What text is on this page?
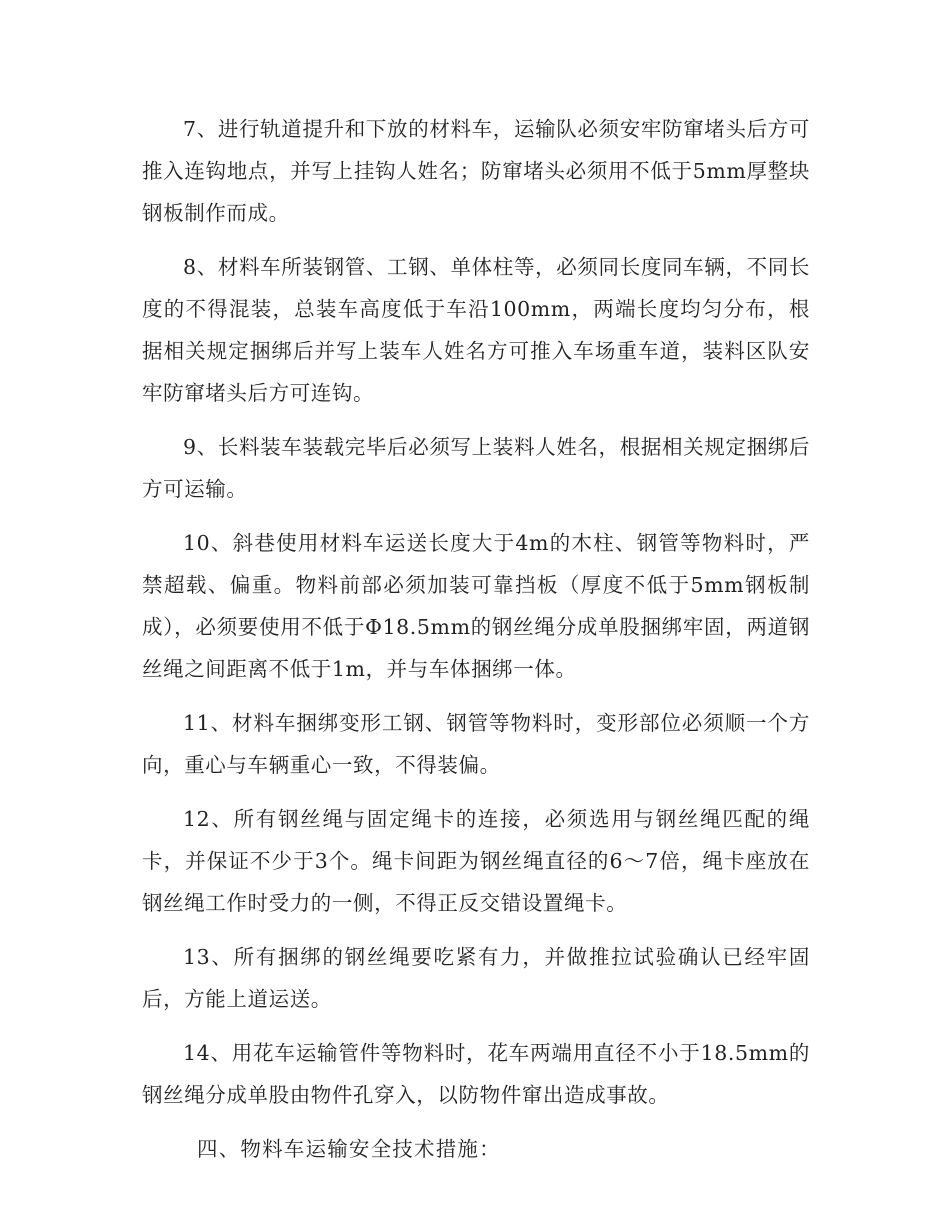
7、进行轨道提升和下放的材料车，运输队必须安牢防窜堵头后方可推入连钩地点，并写上挂钩人姓名；防窜堵头必须用不低于5mm厚整块钢板制作而成。

8、材料车所装钢管、工钢、单体柱等，必须同长度同车辆，不同长度的不得混装，总装车高度低于车沿100mm，两端长度均匀分布，根据相关规定捆绑后并写上装车人姓名方可推入车场重车道，装料区队安牢防窜堵头后方可连钩。

9、长料装车装载完毕后必须写上装料人姓名，根据相关规定捆绑后方可运输。

10、斜巷使用材料车运送长度大于4m的木柱、钢管等物料时，严禁超载、偏重。物料前部必须加装可靠挡板（厚度不低于5mm钢板制成），必须要使用不低于Φ18.5mm的钢丝绳分成单股捆绑牢固，两道钢丝绳之间距离不低于1m，并与车体捆绑一体。

11、材料车捆绑变形工钢、钢管等物料时，变形部位必须顺一个方向，重心与车辆重心一致，不得装偏。

12、所有钢丝绳与固定绳卡的连接，必须选用与钢丝绳匹配的绳卡，并保证不少于3个。绳卡间距为钢丝绳直径的6～7倍，绳卡座放在钢丝绳工作时受力的一侧，不得正反交错设置绳卡。

13、所有捆绑的钢丝绳要吃紧有力，并做推拉试验确认已经牢固后，方能上道运送。

14、用花车运输管件等物料时，花车两端用直径不小于18.5mm的钢丝绳分成单股由物件孔穿入，以防物件窜出造成事故。

四、物料车运输安全技术措施：
